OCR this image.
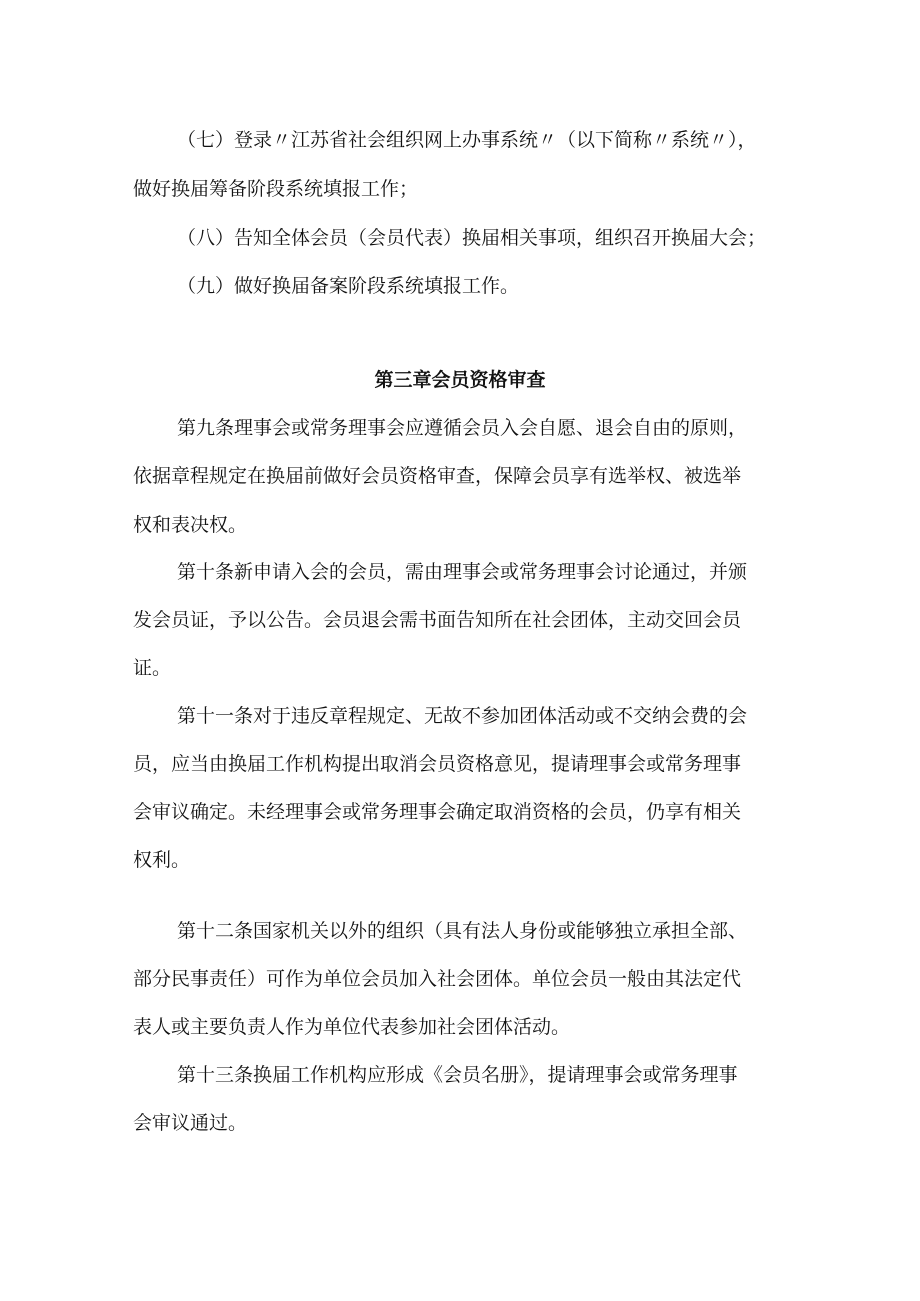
（七）登录〃江苏省社会组织网上办事系统〃（以下简称〃系统〃），
做好换届筹备阶段系统填报工作；
（八）告知全体会员（会员代表）换届相关事项，组织召开换届大会；
（九）做好换届备案阶段系统填报工作。
第三章会员资格审查
第九条理事会或常务理事会应遵循会员入会自愿、退会自由的原则，
依据章程规定在换届前做好会员资格审查，保障会员享有选举权、被选举
权和表决权。
第十条新申请入会的会员，需由理事会或常务理事会讨论通过，并颁
发会员证，予以公告。会员退会需书面告知所在社会团体，主动交回会员
证。
第十一条对于违反章程规定、无故不参加团体活动或不交纳会费的会
员，应当由换届工作机构提出取消会员资格意见，提请理事会或常务理事
会审议确定。未经理事会或常务理事会确定取消资格的会员，仍享有相关
权利。
第十二条国家机关以外的组织（具有法人身份或能够独立承担全部、
部分民事责任）可作为单位会员加入社会团体。单位会员一般由其法定代
表人或主要负责人作为单位代表参加社会团体活动。
第十三条换届工作机构应形成《会员名册》，提请理事会或常务理事
会审议通过。
